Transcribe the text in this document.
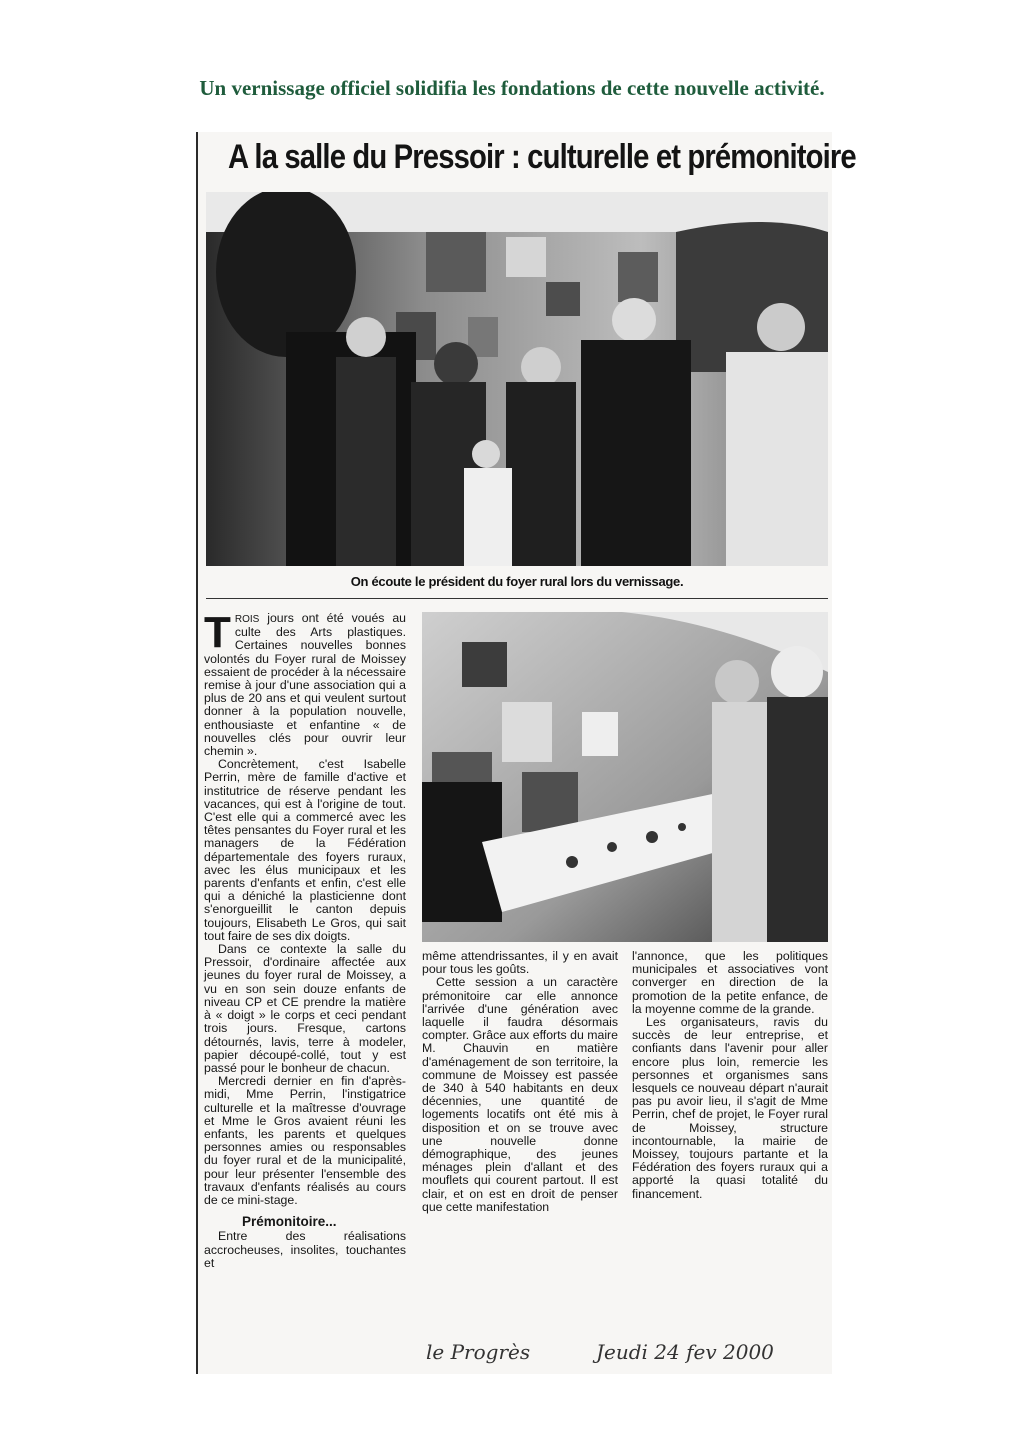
Un vernissage officiel solidifia les fondations de cette nouvelle activité.
A la salle du Pressoir : culturelle et prémonitoire
On écoute le président du foyer rural lors du vernissage.

TROIS jours ont été voués au culte des Arts plastiques. Certaines nouvelles bonnes volontés du Foyer rural de Moissey essaient de procéder à la nécessaire remise à jour d'une association qui a plus de 20 ans et qui veulent surtout donner à la population nouvelle, enthousiaste et enfantine « de nouvelles clés pour ouvrir leur chemin ».

Concrètement, c'est Isabelle Perrin, mère de famille d'active et institutrice de réserve pendant les vacances, qui est à l'origine de tout. C'est elle qui a commercé avec les têtes pensantes du Foyer rural et les managers de la Fédération départementale des foyers ruraux, avec les élus municipaux et les parents d'enfants et enfin, c'est elle qui a déniché la plasticienne dont s'enorgueillit le canton depuis toujours, Elisabeth Le Gros, qui sait tout faire de ses dix doigts.

Dans ce contexte la salle du Pressoir, d'ordinaire affectée aux jeunes du foyer rural de Moissey, a vu en son sein douze enfants de niveau CP et CE prendre la matière à « doigt » le corps et ceci pendant trois jours. Fresque, cartons détournés, lavis, terre à modeler, papier découpé-collé, tout y est passé pour le bonheur de chacun.

Mercredi dernier en fin d'après-midi, Mme Perrin, l'instigatrice culturelle et la maîtresse d'ouvrage et Mme le Gros avaient réuni les enfants, les parents et quelques personnes amies ou responsables du foyer rural et de la municipalité, pour leur présenter l'ensemble des travaux d'enfants réalisés au cours de ce mini-stage.

Prémonitoire...

Entre des réalisations accrocheuses, insolites, touchantes et

même attendrissantes, il y en avait pour tous les goûts.

Cette session a un caractère prémonitoire car elle annonce l'arrivée d'une génération avec laquelle il faudra désormais compter. Grâce aux efforts du maire M. Chauvin en matière d'aménagement de son territoire, la commune de Moissey est passée de 340 à 540 habitants en deux décennies, une quantité de logements locatifs ont été mis à disposition et on se trouve avec une nouvelle donne démographique, des jeunes ménages plein d'allant et des mouflets qui courent partout. Il est clair, et on est en droit de penser que cette manifestation

l'annonce, que les politiques municipales et associatives vont converger en direction de la promotion de la petite enfance, de la moyenne comme de la grande.

Les organisateurs, ravis du succès de leur entreprise, et confiants dans l'avenir pour aller encore plus loin, remercie les personnes et organismes sans lesquels ce nouveau départ n'aurait pas pu avoir lieu, il s'agit de Mme Perrin, chef de projet, le Foyer rural de Moissey, structure incontournable, la mairie de Moissey, toujours partante et la Fédération des foyers ruraux qui a apporté la quasi totalité du financement.

le Progrès	Jeudi 24 fev 2000
